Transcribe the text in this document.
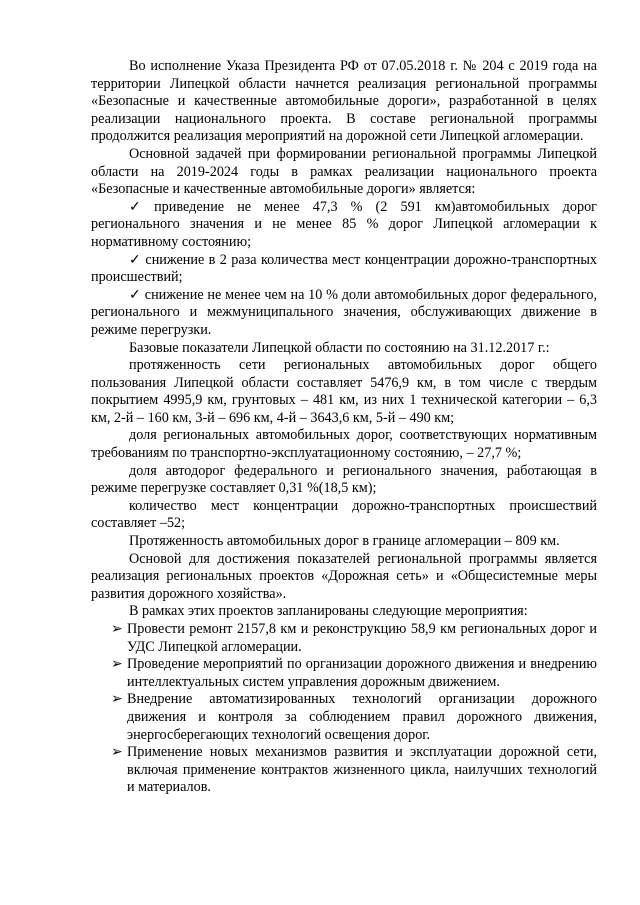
Во исполнение Указа Президента РФ от 07.05.2018 г. № 204 с 2019 года на территории Липецкой области начнется реализация региональной программы «Безопасные и качественные автомобильные дороги», разработанной в целях реализации национального проекта. В составе региональной программы продолжится реализация мероприятий на дорожной сети Липецкой агломерации.

Основной задачей при формировании региональной программы Липецкой области на 2019-2024 годы в рамках реализации национального проекта «Безопасные и качественные автомобильные дороги» является:

✓ приведение не менее 47,3 % (2 591 км)автомобильных дорог регионального значения и не менее 85 % дорог Липецкой агломерации к нормативному состоянию;

✓ снижение в 2 раза количества мест концентрации дорожно-транспортных происшествий;

✓ снижение не менее чем на 10 % доли автомобильных дорог федерального, регионального и межмуниципального значения, обслуживающих движение в режиме перегрузки.

Базовые показатели Липецкой области по состоянию на 31.12.2017 г.:

протяженность сети региональных автомобильных дорог общего пользования Липецкой области составляет 5476,9 км, в том числе с твердым покрытием 4995,9 км, грунтовых – 481 км, из них 1 технической категории – 6,3 км, 2-й – 160 км, 3-й – 696 км, 4-й – 3643,6 км, 5-й – 490 км;

доля региональных автомобильных дорог, соответствующих нормативным требованиям по транспортно-эксплуатационному состоянию, – 27,7 %;

доля автодорог федерального и регионального значения, работающая в режиме перегрузке составляет 0,31 %(18,5 км);

количество мест концентрации дорожно-транспортных происшествий составляет –52;

Протяженность автомобильных дорог в границе агломерации – 809 км.

Основой для достижения показателей региональной программы является реализация региональных проектов «Дорожная сеть» и «Общесистемные меры развития дорожного хозяйства».

В рамках этих проектов запланированы следующие мероприятия:

➢ Провести ремонт 2157,8 км и реконструкцию 58,9 км региональных дорог и УДС Липецкой агломерации.

➢ Проведение мероприятий по организации дорожного движения и внедрению интеллектуальных систем управления дорожным движением.

➢ Внедрение автоматизированных технологий организации дорожного движения и контроля за соблюдением правил дорожного движения, энергосберегающих технологий освещения дорог.

➢ Применение новых механизмов развития и эксплуатации дорожной сети, включая применение контрактов жизненного цикла, наилучших технологий и материалов.
